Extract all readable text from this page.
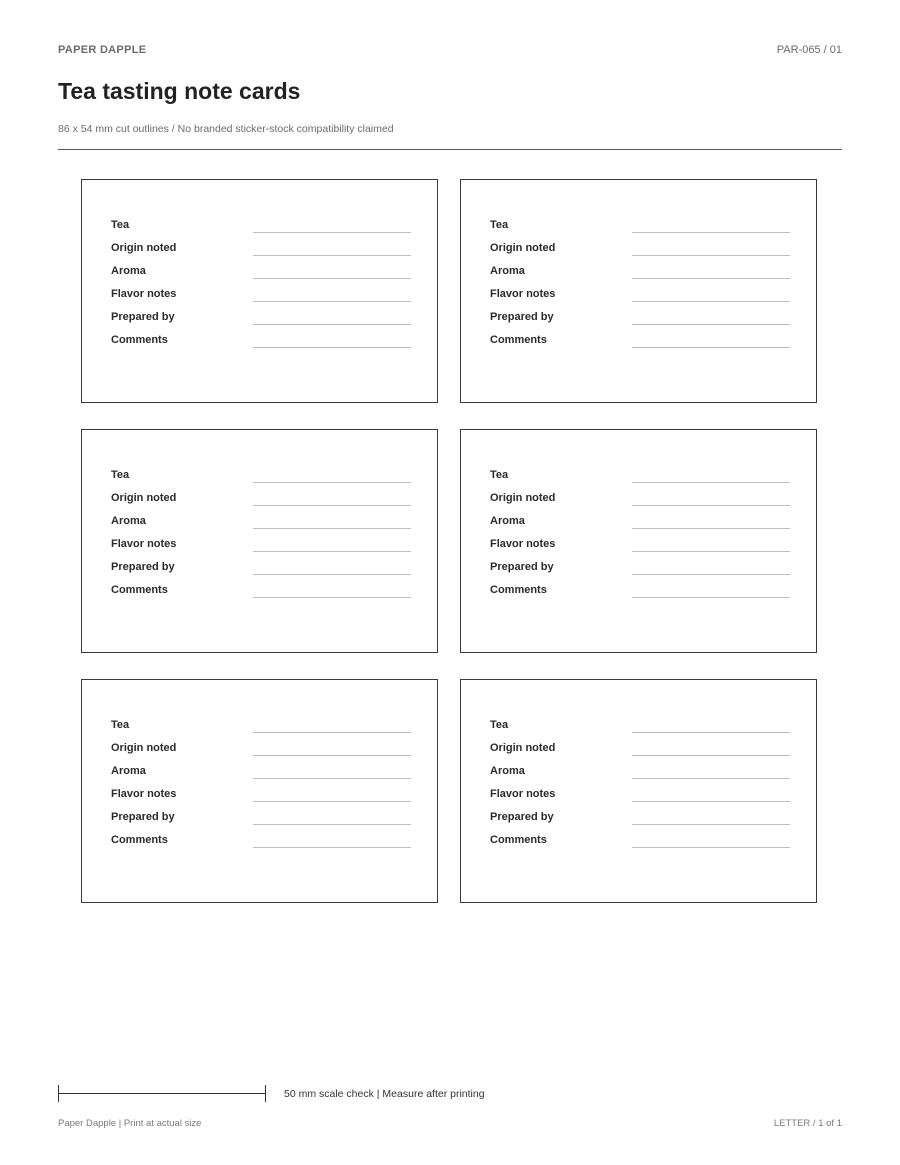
PAPER DAPPLE	PAR-065 / 01
Tea tasting note cards
86 x 54 mm cut outlines / No branded sticker-stock compatibility claimed
Tea
Origin noted
Aroma
Flavor notes
Prepared by
Comments
Tea
Origin noted
Aroma
Flavor notes
Prepared by
Comments
Tea
Origin noted
Aroma
Flavor notes
Prepared by
Comments
Tea
Origin noted
Aroma
Flavor notes
Prepared by
Comments
Tea
Origin noted
Aroma
Flavor notes
Prepared by
Comments
Tea
Origin noted
Aroma
Flavor notes
Prepared by
Comments
50 mm scale check | Measure after printing
Paper Dapple | Print at actual size	LETTER / 1 of 1
